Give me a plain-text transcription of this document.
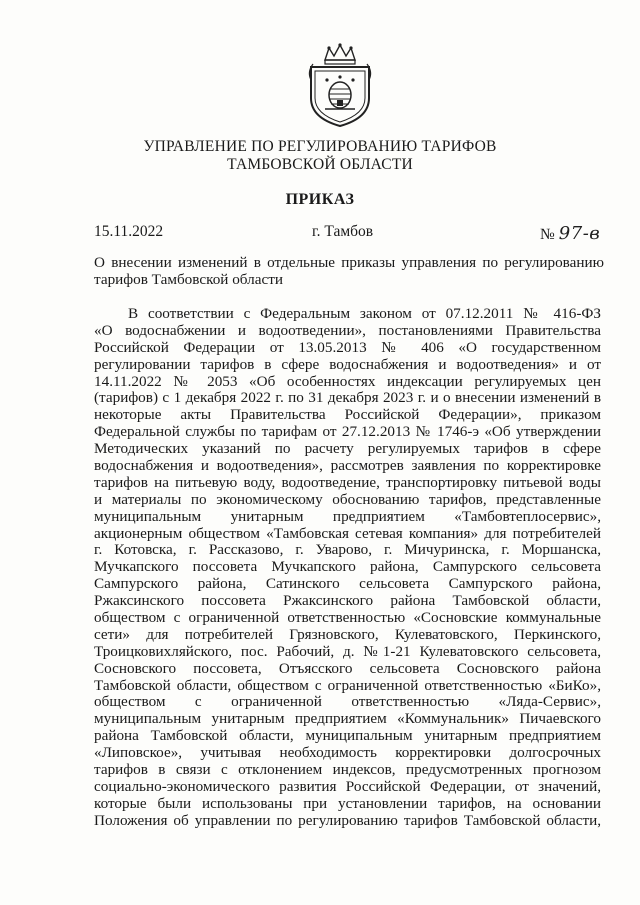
УПРАВЛЕНИЕ ПО РЕГУЛИРОВАНИЮ ТАРИФОВ
ТАМБОВСКОЙ ОБЛАСТИ
ПРИКАЗ
15.11.2022	г. Тамбов	№ 97-в
О внесении изменений в отдельные приказы управления по регулированию
тарифов Тамбовской области
В соответствии с Федеральным законом от 07.12.2011 № 416-ФЗ
«О водоснабжении и водоотведении», постановлениями Правительства
Российской Федерации от 13.05.2013 № 406 «О государственном
регулировании тарифов в сфере водоснабжения и водоотведения» и от
14.11.2022 № 2053 «Об особенностях индексации регулируемых цен
(тарифов) с 1 декабря 2022 г. по 31 декабря 2023 г. и о внесении изменений в
некоторые акты Правительства Российской Федерации», приказом
Федеральной службы по тарифам от 27.12.2013 № 1746-э «Об утверждении
Методических указаний по расчету регулируемых тарифов в сфере
водоснабжения и водоотведения», рассмотрев заявления по корректировке
тарифов на питьевую воду, водоотведение, транспортировку питьевой воды
и материалы по экономическому обоснованию тарифов, представленные
муниципальным унитарным предприятием «Тамбовтеплосервис»,
акционерным обществом «Тамбовская сетевая компания» для потребителей
г. Котовска, г. Рассказово, г. Уварово, г. Мичуринска, г. Моршанска,
Мучкапского поссовета Мучкапского района, Сампурского сельсовета
Сампурского района, Сатинского сельсовета Сампурского района,
Ржаксинского поссовета Ржаксинского района Тамбовской области,
обществом с ограниченной ответственностью «Сосновские коммунальные
сети» для потребителей Грязновского, Кулеватовского, Перкинского,
Троицковихляйского, пос. Рабочий, д. №1-21 Кулеватовского сельсовета,
Сосновского поссовета, Отъясского сельсовета Сосновского района
Тамбовской области, обществом с ограниченной ответственностью «БиКо»,
обществом с ограниченной ответственностью «Ляда-Сервис»,
муниципальным унитарным предприятием «Коммунальник» Пичаевского
района Тамбовской области, муниципальным унитарным предприятием
«Липовское», учитывая необходимость корректировки долгосрочных
тарифов в связи с отклонением индексов, предусмотренных прогнозом
социально-экономического развития Российской Федерации, от значений,
которые были использованы при установлении тарифов, на основании
Положения об управлении по регулированию тарифов Тамбовской области,
